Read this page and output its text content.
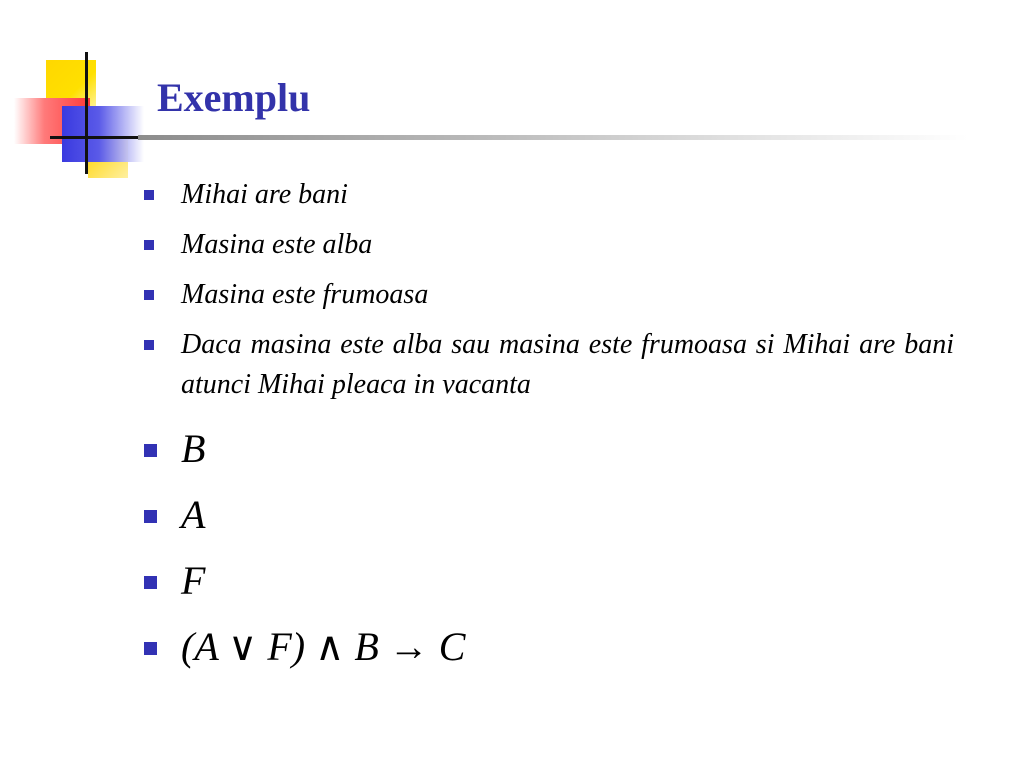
Exemplu
Mihai are bani
Masina este alba
Masina este frumoasa
Daca masina este alba sau masina este frumoasa si Mihai are bani atunci Mihai pleaca in vacanta
B
A
F
(A ∨ F) ∧ B → C
